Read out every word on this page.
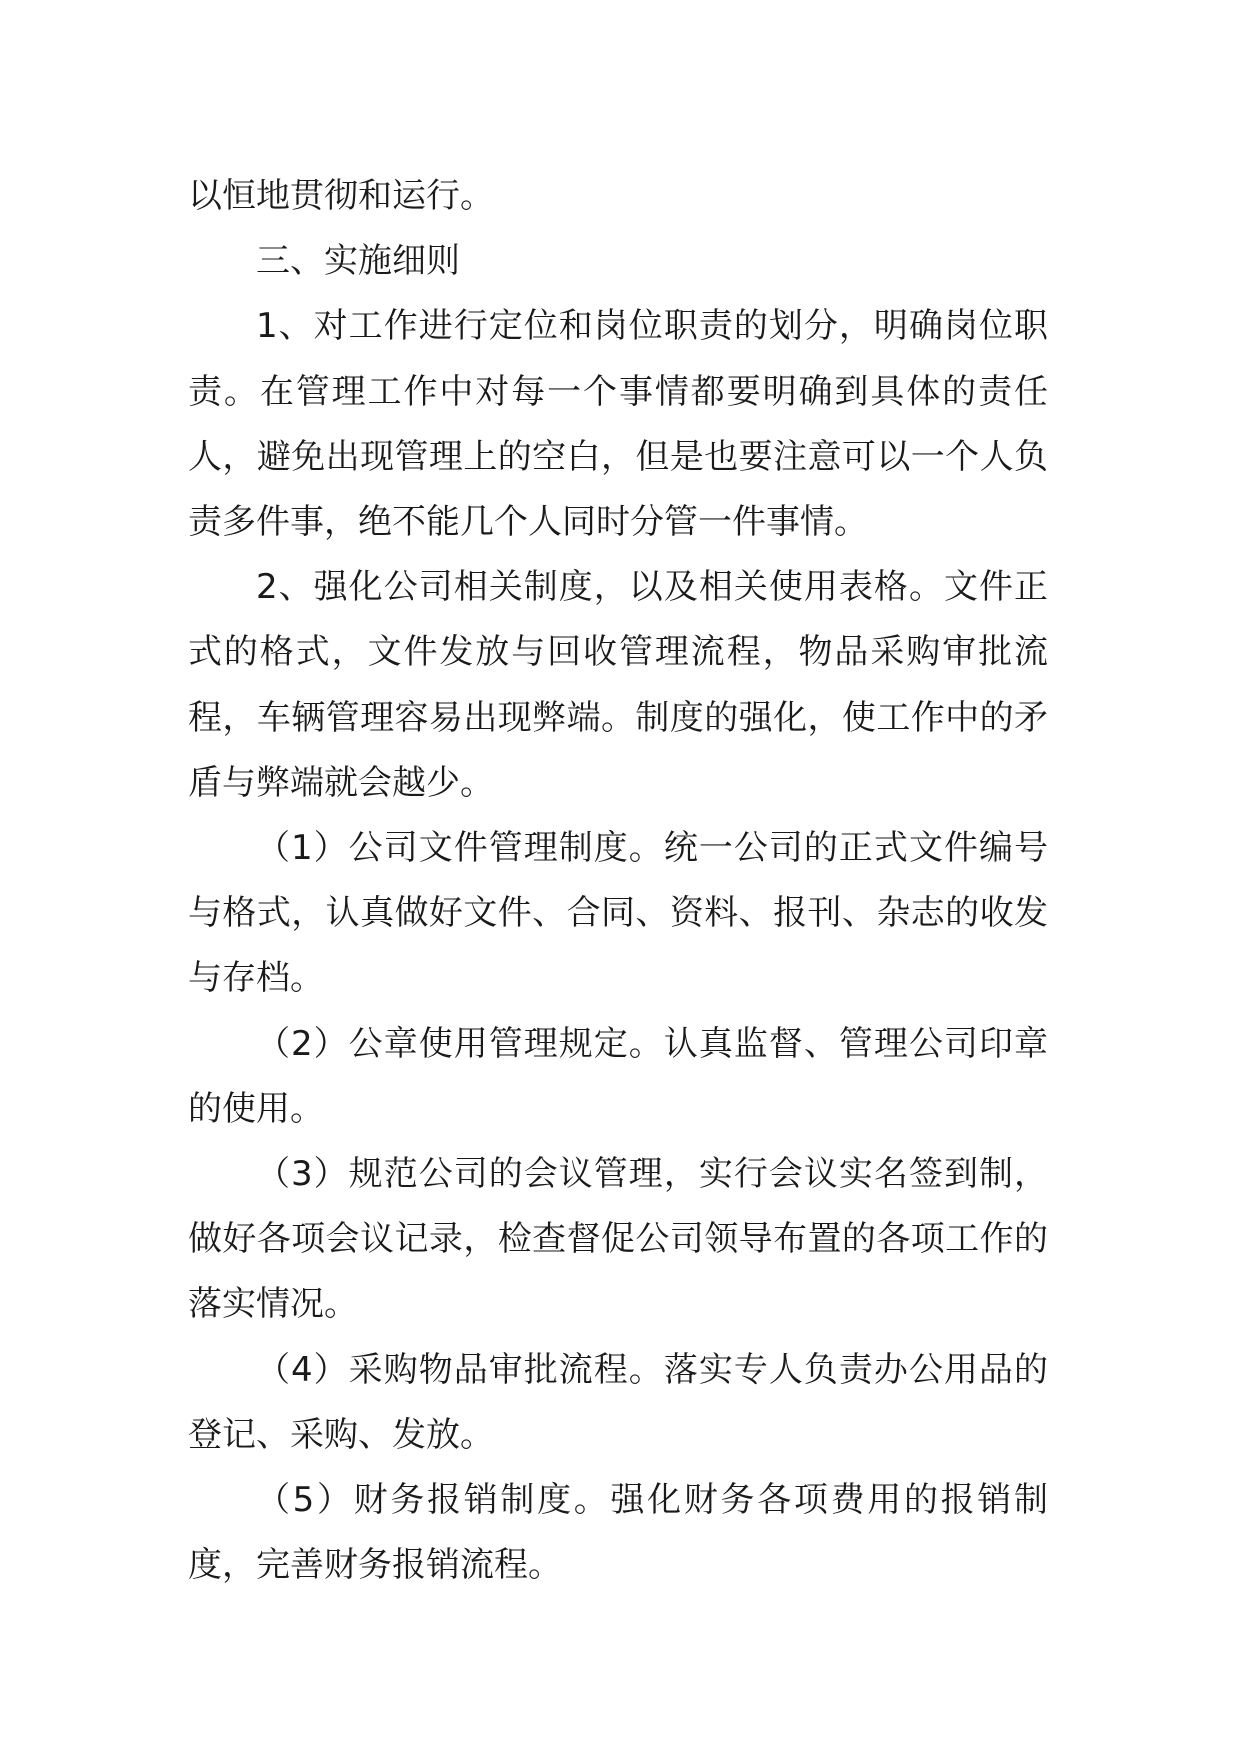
以恒地贯彻和运行。

三、实施细则

1、对工作进行定位和岗位职责的划分，明确岗位职责。在管理工作中对每一个事情都要明确到具体的责任人，避免出现管理上的空白，但是也要注意可以一个人负责多件事，绝不能几个人同时分管一件事情。

2、强化公司相关制度，以及相关使用表格。文件正式的格式，文件发放与回收管理流程，物品采购审批流程，车辆管理容易出现弊端。制度的强化，使工作中的矛盾与弊端就会越少。

（1）公司文件管理制度。统一公司的正式文件编号与格式，认真做好文件、合同、资料、报刊、杂志的收发与存档。

（2）公章使用管理规定。认真监督、管理公司印章的使用。

（3）规范公司的会议管理，实行会议实名签到制，做好各项会议记录，检查督促公司领导布置的各项工作的落实情况。

（4）采购物品审批流程。落实专人负责办公用品的登记、采购、发放。

（5）财务报销制度。强化财务各项费用的报销制度，完善财务报销流程。
